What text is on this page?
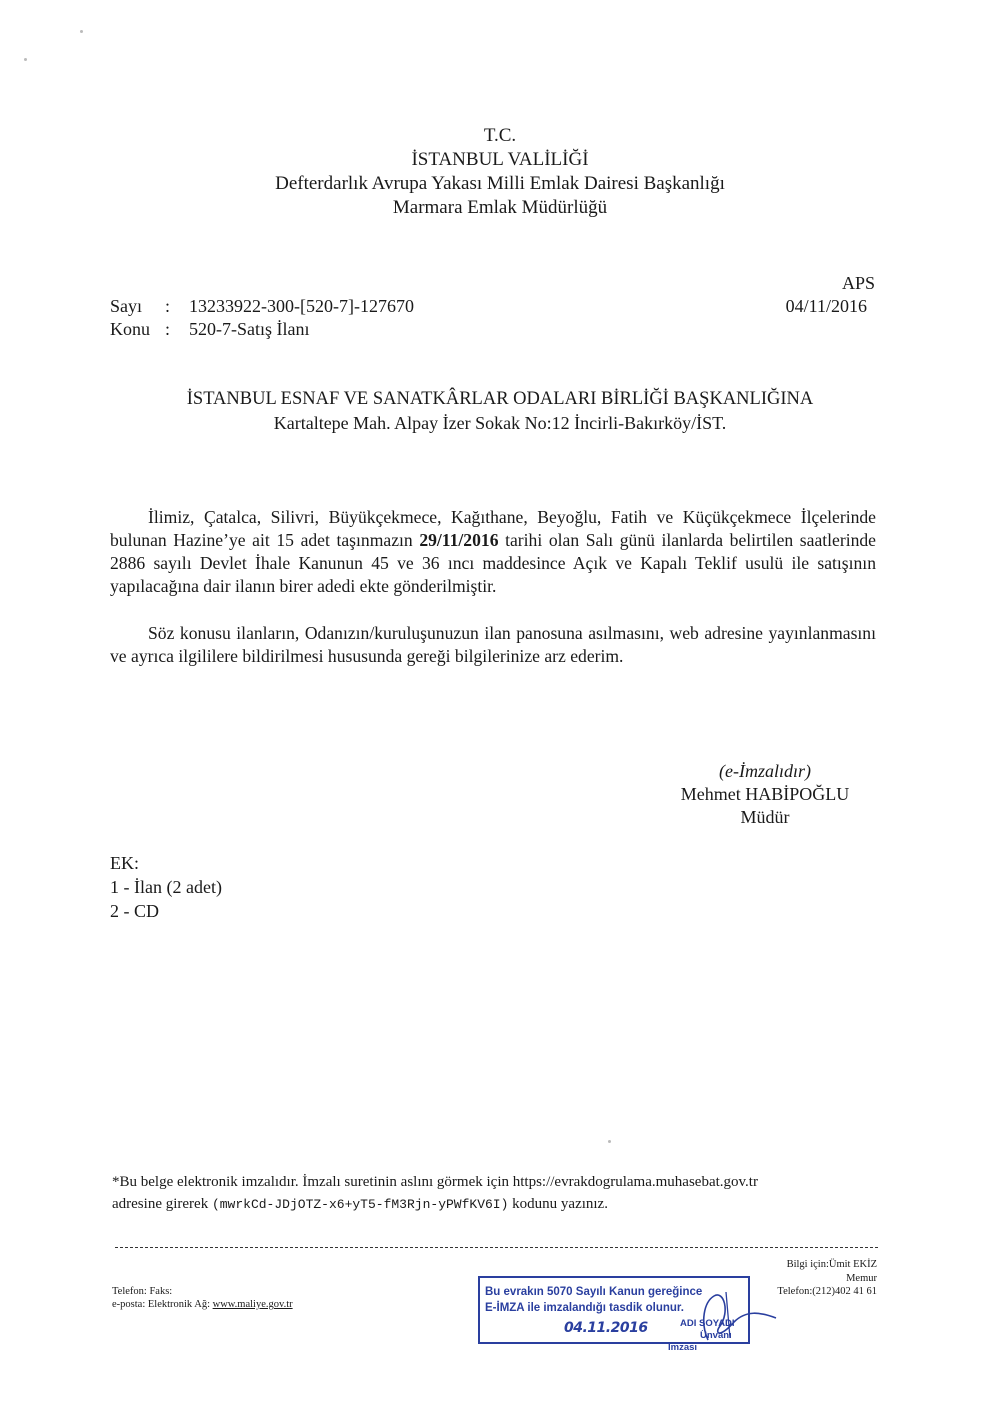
T.C.
İSTANBUL VALİLİĞİ
Defterdarlık Avrupa Yakası Milli Emlak Dairesi Başkanlığı
Marmara Emlak Müdürlüğü
APS
04/11/2016
Sayı : 13233922-300-[520-7]-127670
Konu : 520-7-Satış İlanı
İSTANBUL ESNAF VE SANATKÂRLAR ODALARI BİRLİĞİ BAŞKANLIĞINA
Kartaltepe Mah. Alpay İzer Sokak No:12 İncirli-Bakırköy/İST.
İlimiz, Çatalca, Silivri, Büyükçekmece, Kağıthane, Beyoğlu, Fatih ve Küçükçekmece İlçelerinde bulunan Hazine’ye ait 15 adet taşınmazın 29/11/2016 tarihi olan Salı günü ilanlarda belirtilen saatlerinde 2886 sayılı Devlet İhale Kanunun 45 ve 36 ıncı maddesince Açık ve Kapalı Teklif usulü ile satışının yapılacağına dair ilanın birer adedi ekte gönderilmiştir.
Söz konusu ilanların, Odanızın/kuruluşunuzun ilan panosuna asılmasını, web adresine yayınlanmasını ve ayrıca ilgililere bildirilmesi hususunda gereği bilgilerinize arz ederim.
(e-İmzalıdır)
Mehmet HABİPOĞLU
Müdür
EK:
1 - İlan (2 adet)
2 - CD
*Bu belge elektronik imzalıdır. İmzalı suretinin aslını görmek için https://evrakdogrulama.muhasebat.gov.tr
adresine girerek (mwrkCd-JDjOTZ-x6+yT5-fM3Rjn-yPWfKV6I) kodunu yazınız.
Telefon: Faks:
e-posta: Elektronik Ağ: www.maliye.gov.tr
Bilgi için:Ümit EKİZ
Memur
Telefon:(212)402 41 61
Bu evrakın 5070 Sayılı Kanun gereğince
E-İMZA ile imzalandığı tasdik olunur.
04.11.2016	ADI SOYADI
Ünvanı
İmzası
